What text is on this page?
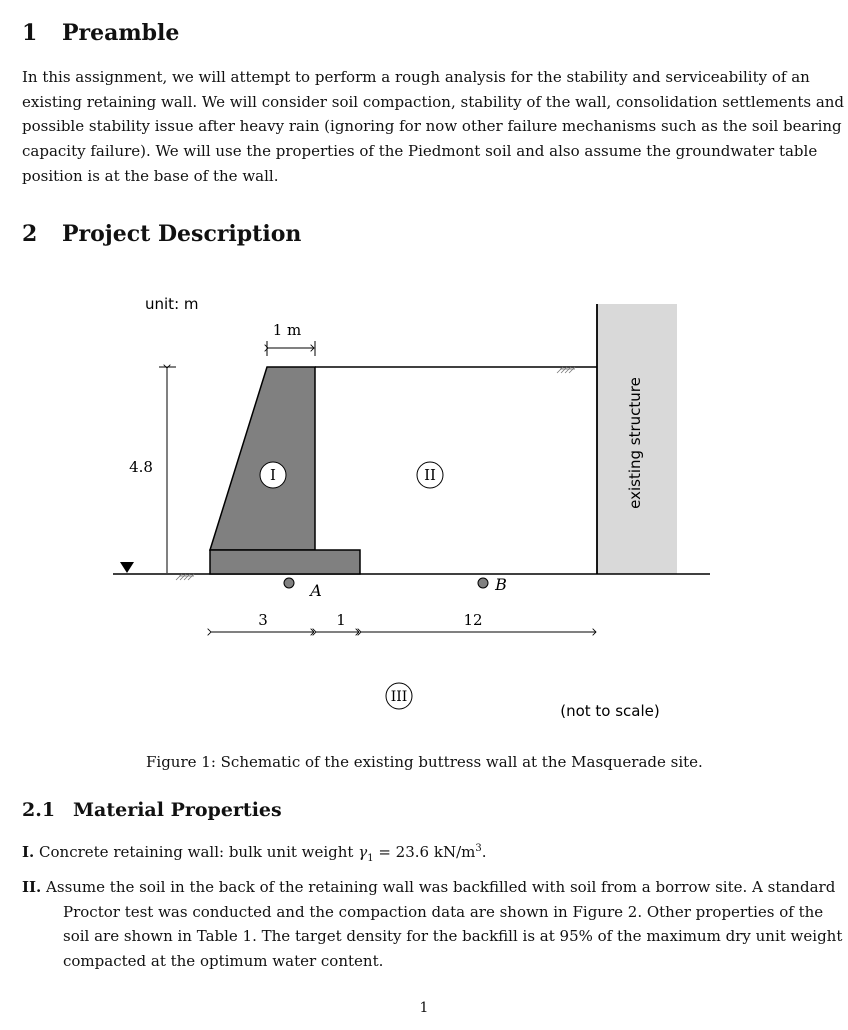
1 Preamble
In this assignment, we will attempt to perform a rough analysis for the stability and serviceability of an
existing retaining wall. We will consider soil compaction, stability of the wall, consolidation settlements and
possible stability issue after heavy rain (ignoring for now other failure mechanisms such as the soil bearing
capacity failure). We will use the properties of the Piedmont soil and also assume the groundwater table
position is at the base of the wall.
2 Project Description
unit: m
existing structure
1 m
4.8	I	II
III
A	B
3	1	12
(not to scale)
Figure 1: Schematic of the existing buttress wall at the Masquerade site.
2.1 Material Properties
I. Concrete retaining wall: bulk unit weight $\gamma_1 = 23.6$ $kN/m^3$.
II. Assume the soil in the back of the retaining wall was backfilled with soil from a borrow site. A standard
Proctor test was conducted and the compaction data are shown in Figure 2. Other properties of the
soil are shown in Table 1. The target density for the backfill is at 95% of the maximum dry unit weight
compacted at the optimum water content.
1
